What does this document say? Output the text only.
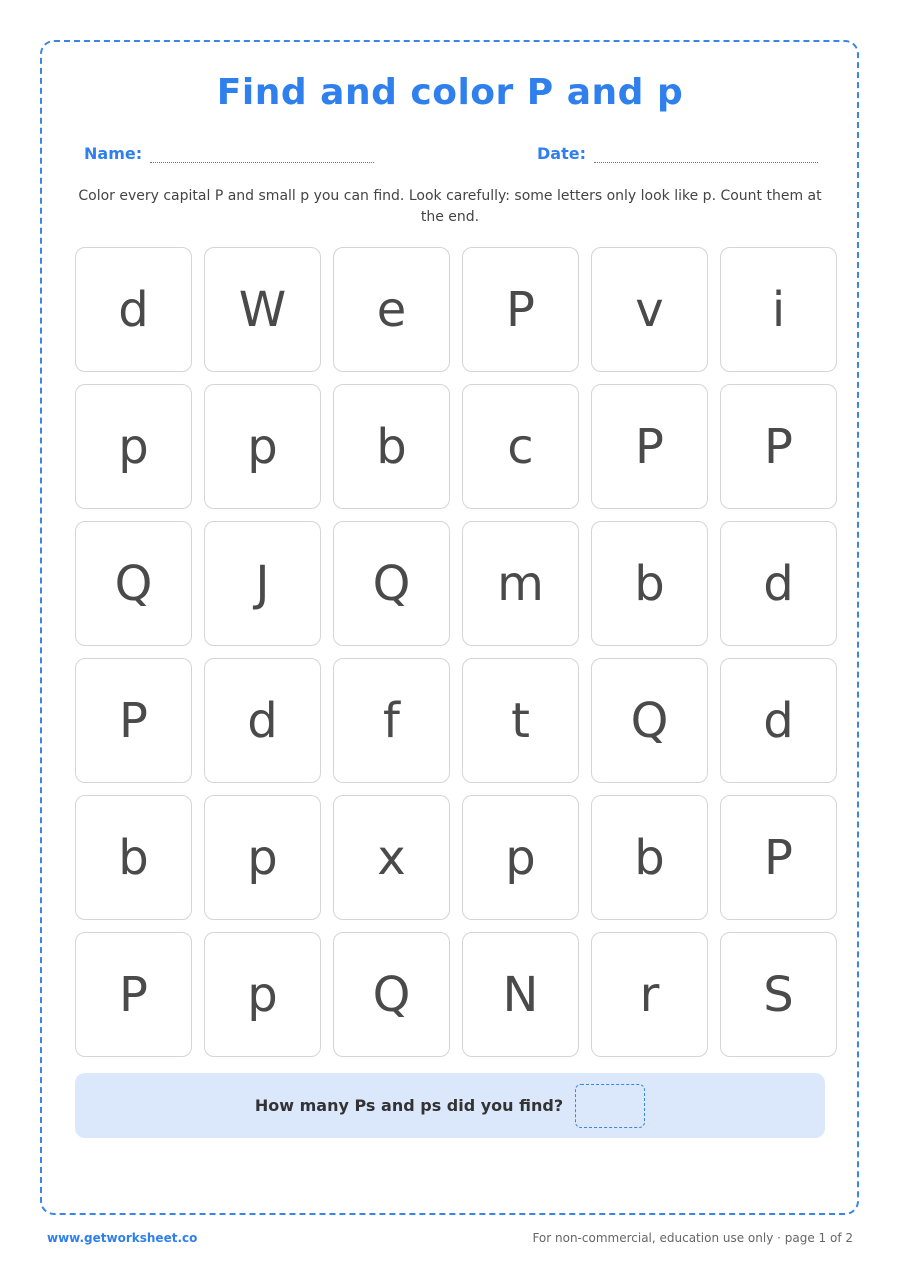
Find and color P and p
Name:	Date:
Color every capital P and small p you can find. Look carefully: some letters only look like p. Count them at the end.
d	W	e	P	v	i
p	p	b	c	P	P
Q	J	Q	m	b	d
P	d	f	t	Q	d
b	p	x	p	b	P
P	p	Q	N	r	S
How many Ps and ps did you find?
www.getworksheet.co	For non-commercial, education use only · page 1 of 2
